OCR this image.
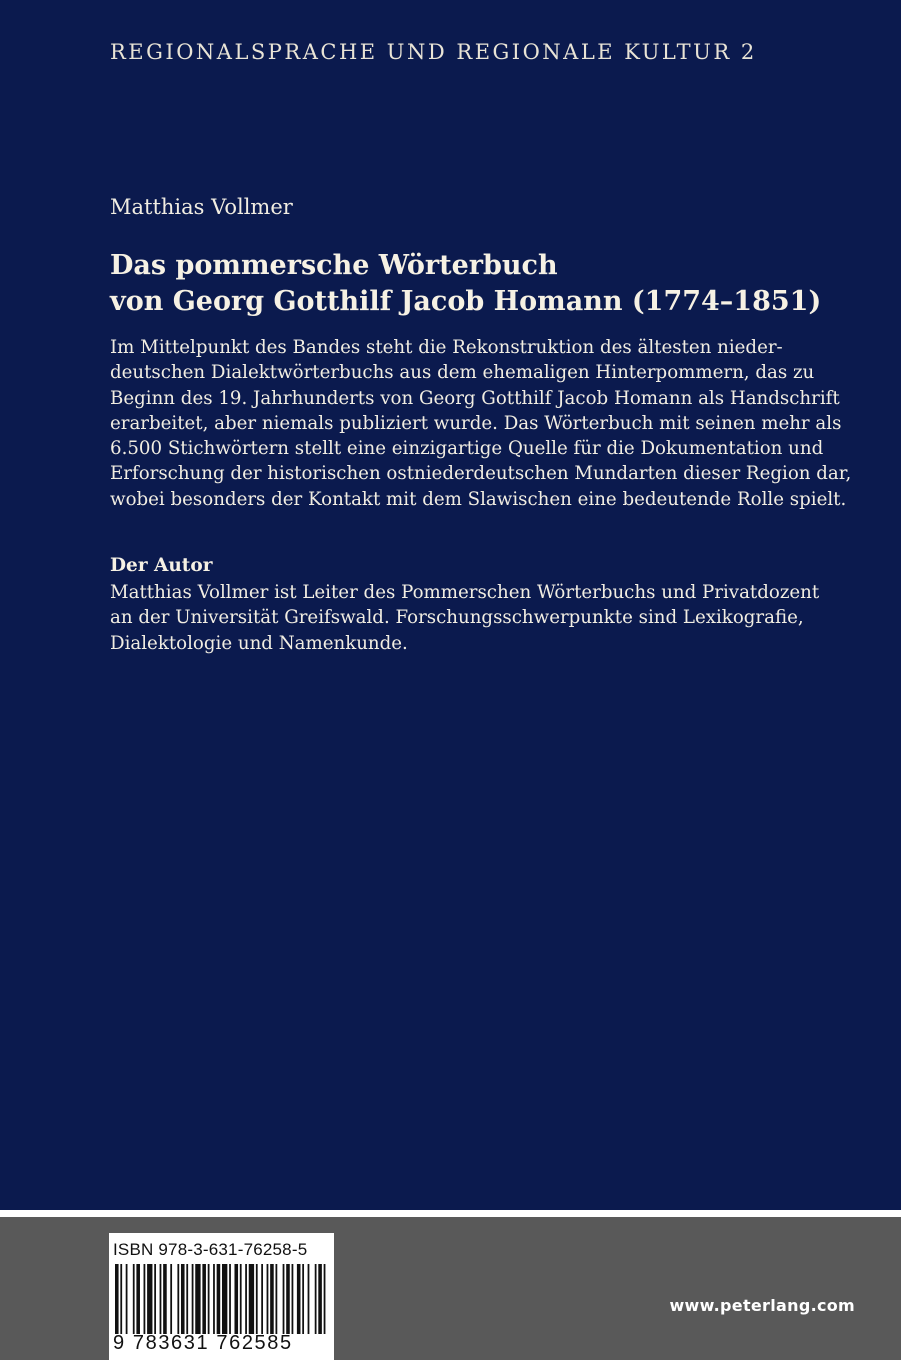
REGIONALSPRACHE UND REGIONALE KULTUR 2
Matthias Vollmer
Das pommersche Wörterbuch
von Georg Gotthilf Jacob Homann (1774–1851)
Im Mittelpunkt des Bandes steht die Rekonstruktion des ältesten nieder-
deutschen Dialektwörterbuchs aus dem ehemaligen Hinterpommern, das zu
Beginn des 19. Jahrhunderts von Georg Gotthilf Jacob Homann als Handschrift
erarbeitet, aber niemals publiziert wurde. Das Wörterbuch mit seinen mehr als
6.500 Stichwörtern stellt eine einzigartige Quelle für die Dokumentation und
Erforschung der historischen ostniederdeutschen Mundarten dieser Region dar,
wobei besonders der Kontakt mit dem Slawischen eine bedeutende Rolle spielt.
Der Autor
Matthias Vollmer ist Leiter des Pommerschen Wörterbuchs und Privatdozent
an der Universität Greifswald. Forschungsschwerpunkte sind Lexikografie,
Dialektologie und Namenkunde.
ISBN 978-3-631-76258-5
9 783631 762585
www.peterlang.com
